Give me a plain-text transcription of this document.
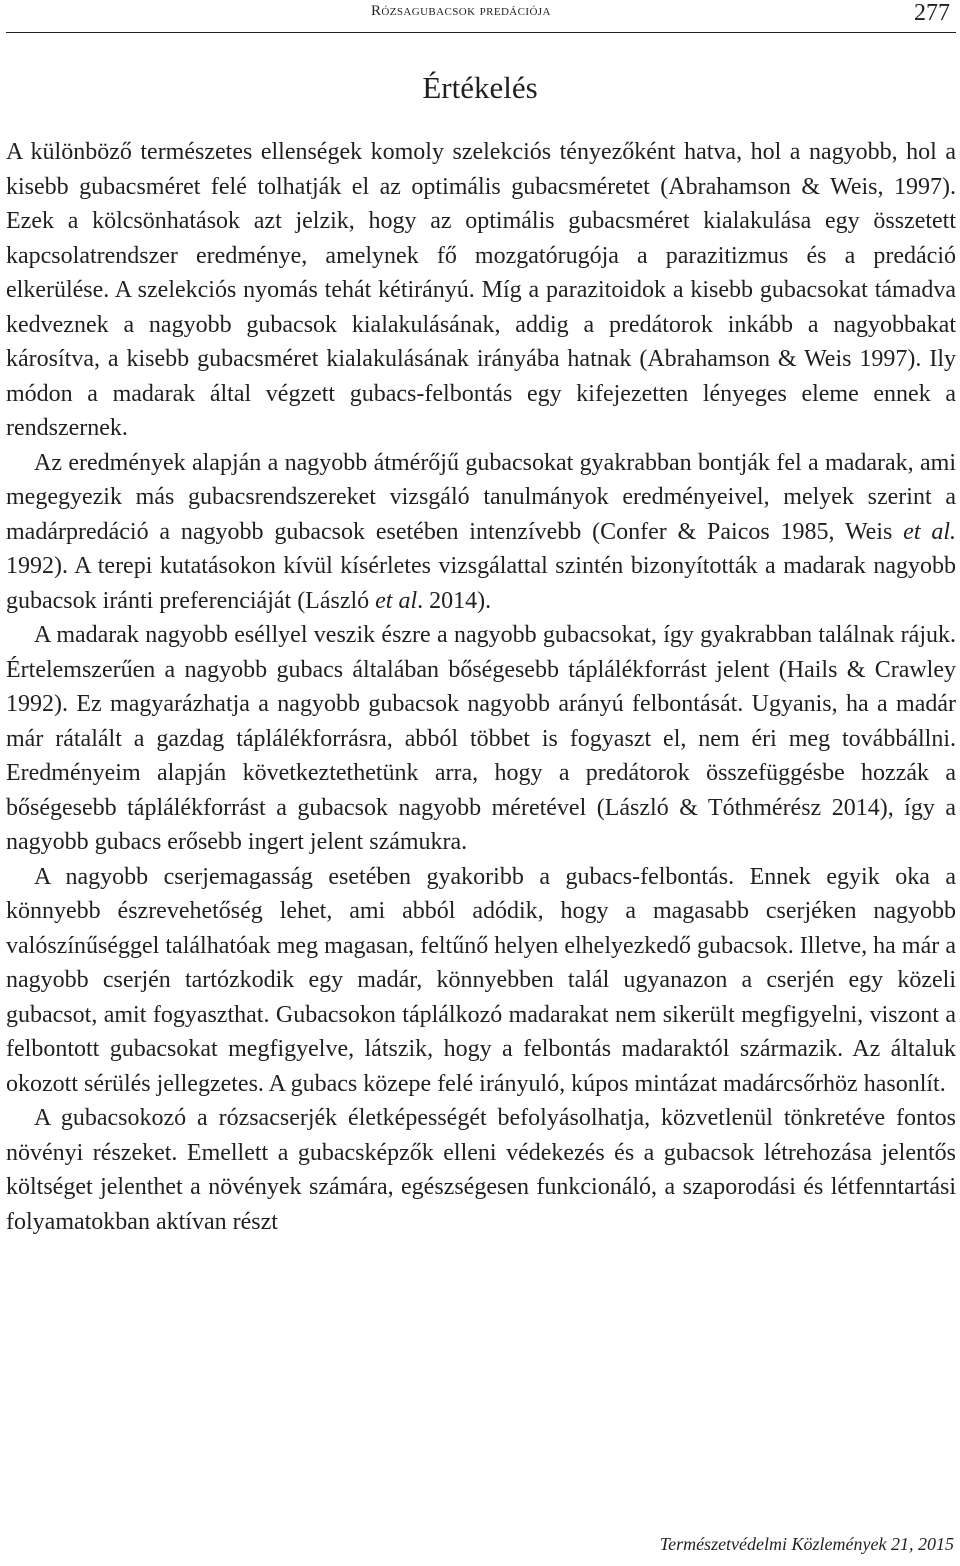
Rózsagubacsok predációja	277
Értékelés

A különböző természetes ellenségek komoly szelekciós tényezőként hatva, hol a nagyobb, hol a kisebb gubacsméret felé tolhatják el az optimális gubacsméretet (Abrahamson & Weis, 1997). Ezek a kölcsönhatások azt jelzik, hogy az optimális gubacsméret kialakulása egy összetett kapcsolatrendszer eredménye, amelynek fő mozgatórugója a parazitizmus és a predáció elkerülése. A szelekciós nyomás tehát kétirányú. Míg a parazitoidok a kisebb gubacsokat támadva kedveznek a nagyobb gubacsok kialakulásának, addig a predátorok inkább a nagyobbakat károsítva, a kisebb gubacsméret kialakulásának irányába hatnak (Abrahamson & Weis 1997). Ily módon a madarak által végzett gubacs-felbontás egy kifejezetten lényeges eleme ennek a rendszernek.

Az eredmények alapján a nagyobb átmérőjű gubacsokat gyakrabban bontják fel a madarak, ami megegyezik más gubacsrendszereket vizsgáló tanulmányok eredményeivel, melyek szerint a madárpredáció a nagyobb gubacsok esetében intenzívebb (Confer & Paicos 1985, Weis et al. 1992). A terepi kutatásokon kívül kísérletes vizsgálattal szintén bizonyították a madarak nagyobb gubacsok iránti preferenciáját (László et al. 2014).

A madarak nagyobb eséllyel veszik észre a nagyobb gubacsokat, így gyakrabban találnak rájuk. Értelemszerűen a nagyobb gubacs általában bőségesebb táplálékforrást jelent (Hails & Crawley 1992). Ez magyarázhatja a nagyobb gubacsok nagyobb arányú felbontását. Ugyanis, ha a madár már rátalált a gazdag táplálékforrásra, abból többet is fogyaszt el, nem éri meg továbbállni. Eredményeim alapján következtethetünk arra, hogy a predátorok összefüggésbe hozzák a bőségesebb táplálékforrást a gubacsok nagyobb méretével (László & Tóthmérész 2014), így a nagyobb gubacs erősebb ingert jelent számukra.

A nagyobb cserjemagasság esetében gyakoribb a gubacs-felbontás. Ennek egyik oka a könnyebb észrevehetőség lehet, ami abból adódik, hogy a magasabb cserjéken nagyobb valószínűséggel találhatóak meg magasan, feltűnő helyen elhelyezkedő gubacsok. Illetve, ha már a nagyobb cserjén tartózkodik egy madár, könnyebben talál ugyanazon a cserjén egy közeli gubacsot, amit fogyaszthat. Gubacsokon táplálkozó madarakat nem sikerült megfigyelni, viszont a felbontott gubacsokat megfigyelve, látszik, hogy a felbontás madaraktól származik. Az általuk okozott sérülés jellegzetes. A gubacs közepe felé irányuló, kúpos mintázat madárcsőrhöz hasonlít.

A gubacsokozó a rózsacserjék életképességét befolyásolhatja, közvetlenül tönkretéve fontos növényi részeket. Emellett a gubacsképzők elleni védekezés és a gubacsok létrehozása jelentős költséget jelenthet a növények számára, egészségesen funkcionáló, a szaporodási és létfenntartási folyamatokban aktívan részt

Természetvédelmi Közlemények 21, 2015
